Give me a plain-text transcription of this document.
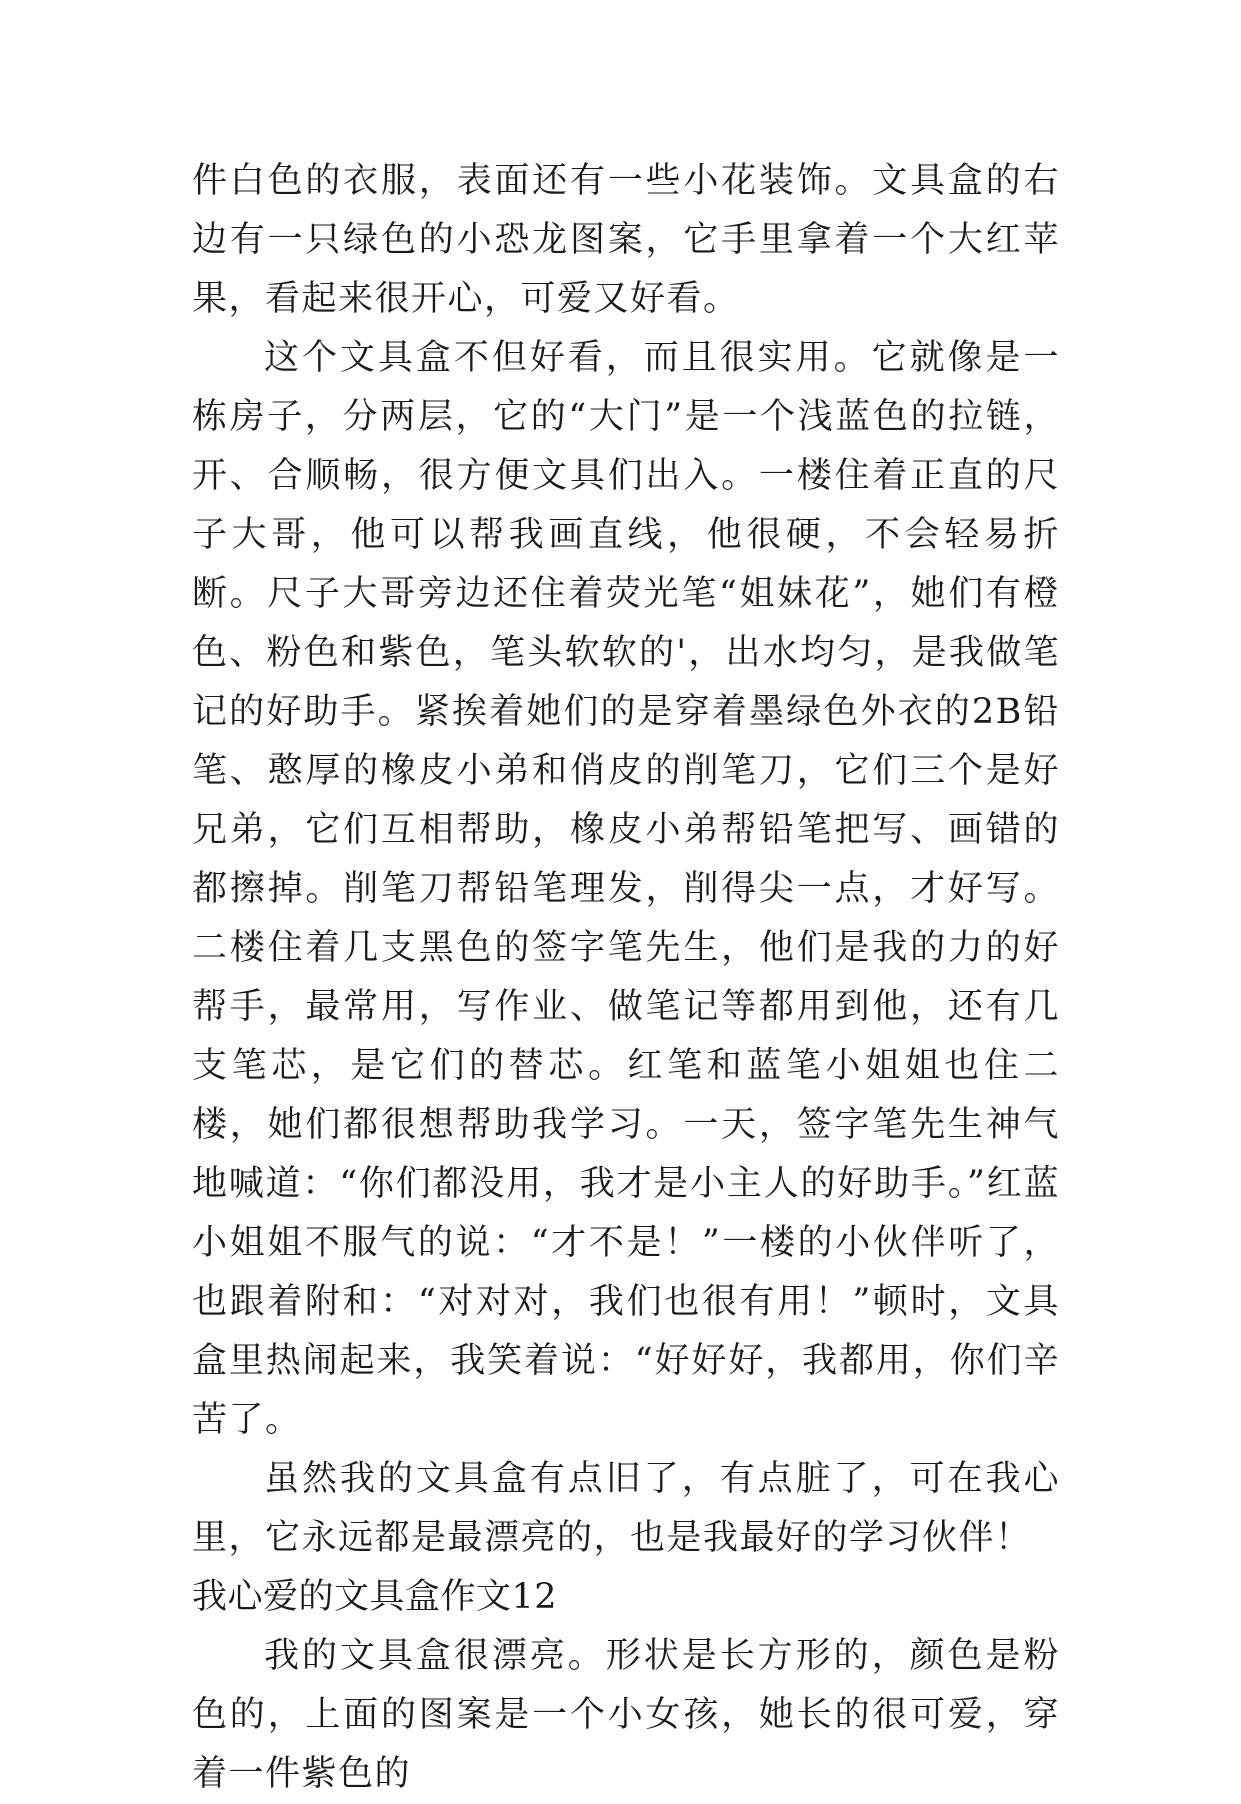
件白色的衣服，表面还有一些小花装饰。文具盒的右边有一只绿色的小恐龙图案，它手里拿着一个大红苹果，看起来很开心，可爱又好看。

这个文具盒不但好看，而且很实用。它就像是一栋房子，分两层，它的“大门”是一个浅蓝色的拉链，开、合顺畅，很方便文具们出入。一楼住着正直的尺子大哥，他可以帮我画直线，他很硬，不会轻易折断。尺子大哥旁边还住着荧光笔“姐妹花”，她们有橙色、粉色和紫色，笔头软软的'，出水均匀，是我做笔记的好助手。紧挨着她们的是穿着墨绿色外衣的2B铅笔、憨厚的橡皮小弟和俏皮的削笔刀，它们三个是好兄弟，它们互相帮助，橡皮小弟帮铅笔把写、画错的都擦掉。削笔刀帮铅笔理发，削得尖一点，才好写。二楼住着几支黑色的签字笔先生，他们是我的力的好帮手，最常用，写作业、做笔记等都用到他，还有几支笔芯，是它们的替芯。红笔和蓝笔小姐姐也住二楼，她们都很想帮助我学习。一天，签字笔先生神气地喊道：“你们都没用，我才是小主人的好助手。”红蓝小姐姐不服气的说：“才不是！”一楼的小伙伴听了，也跟着附和：“对对对，我们也很有用！”顿时，文具盒里热闹起来，我笑着说：“好好好，我都用，你们辛苦了。

虽然我的文具盒有点旧了，有点脏了，可在我心里，它永远都是最漂亮的，也是我最好的学习伙伴！

我心爱的文具盒作文12

我的文具盒很漂亮。形状是长方形的，颜色是粉色的，上面的图案是一个小女孩，她长的很可爱，穿着一件紫色的
